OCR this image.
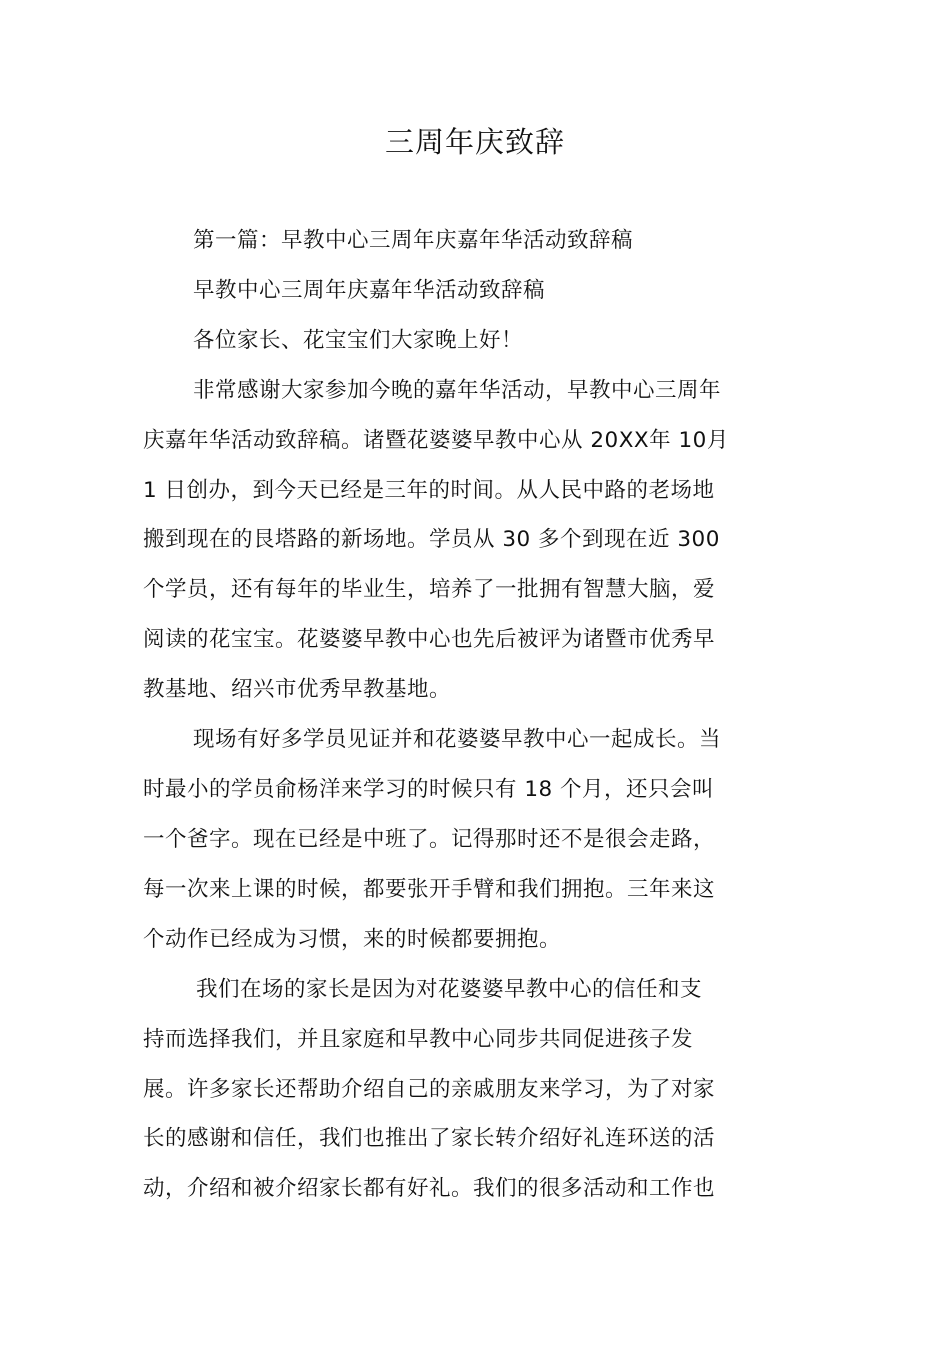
三周年庆致辞
第一篇：早教中心三周年庆嘉年华活动致辞稿
早教中心三周年庆嘉年华活动致辞稿
各位家长、花宝宝们大家晚上好！
非常感谢大家参加今晚的嘉年华活动，早教中心三周年
庆嘉年华活动致辞稿。诸暨花婆婆早教中心从 20XX年 10月
1 日创办，到今天已经是三年的时间。从人民中路的老场地
搬到现在的艮塔路的新场地。学员从 30 多个到现在近 300
个学员，还有每年的毕业生，培养了一批拥有智慧大脑，爱
阅读的花宝宝。花婆婆早教中心也先后被评为诸暨市优秀早
教基地、绍兴市优秀早教基地。
现场有好多学员见证并和花婆婆早教中心一起成长。当
时最小的学员俞杨洋来学习的时候只有 18 个月，还只会叫
一个爸字。现在已经是中班了。记得那时还不是很会走路，
每一次来上课的时候，都要张开手臂和我们拥抱。三年来这
个动作已经成为习惯，来的时候都要拥抱。
我们在场的家长是因为对花婆婆早教中心的信任和支
持而选择我们，并且家庭和早教中心同步共同促进孩子发
展。许多家长还帮助介绍自己的亲戚朋友来学习，为了对家
长的感谢和信任，我们也推出了家长转介绍好礼连环送的活
动，介绍和被介绍家长都有好礼。我们的很多活动和工作也
